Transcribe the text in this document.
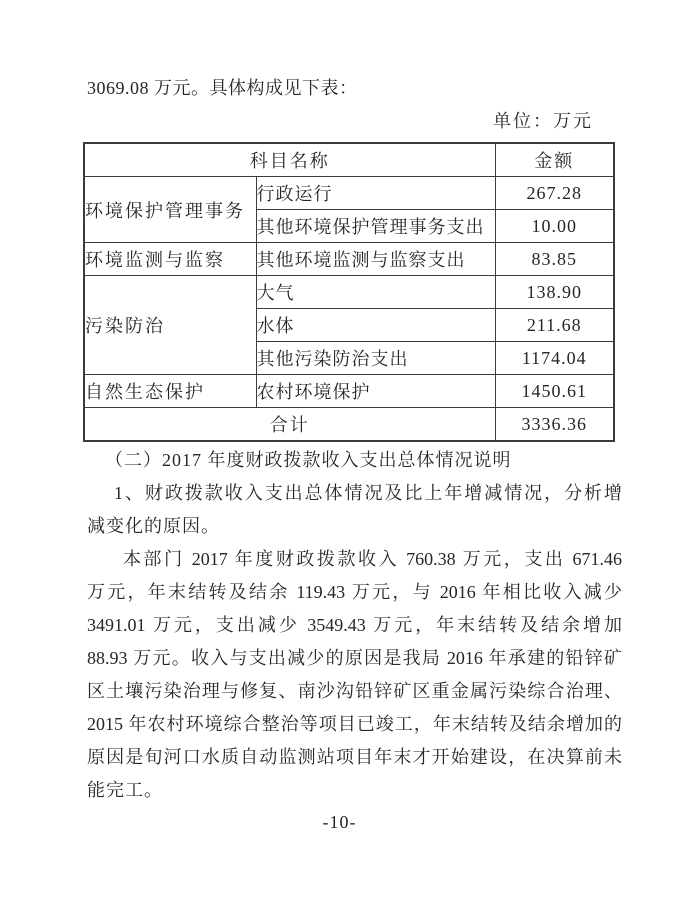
3069.08 万元。具体构成见下表：
单位：万元
科目名称		金额
环境保护管理事务	行政运行	267.28
	其他环境保护管理事务支出	10.00
环境监测与监察	其他环境监测与监察支出	83.85
污染防治	大气	138.90
	水体	211.68
	其他污染防治支出	1174.04
自然生态保护	农村环境保护	1450.61
合计		3336.36
（二）2017 年度财政拨款收入支出总体情况说明
1、财政拨款收入支出总体情况及比上年增减情况，分析增
减变化的原因。
本部门 2017 年度财政拨款收入 760.38 万元，支出 671.46
万元，年末结转及结余 119.43 万元，与 2016 年相比收入减少
3491.01 万元，支出减少 3549.43 万元，年末结转及结余增加
88.93 万元。收入与支出减少的原因是我局 2016 年承建的铅锌矿
区土壤污染治理与修复、南沙沟铅锌矿区重金属污染综合治理、
2015 年农村环境综合整治等项目已竣工，年末结转及结余增加的
原因是旬河口水质自动监测站项目年末才开始建设，在决算前未
能完工。
-10-
